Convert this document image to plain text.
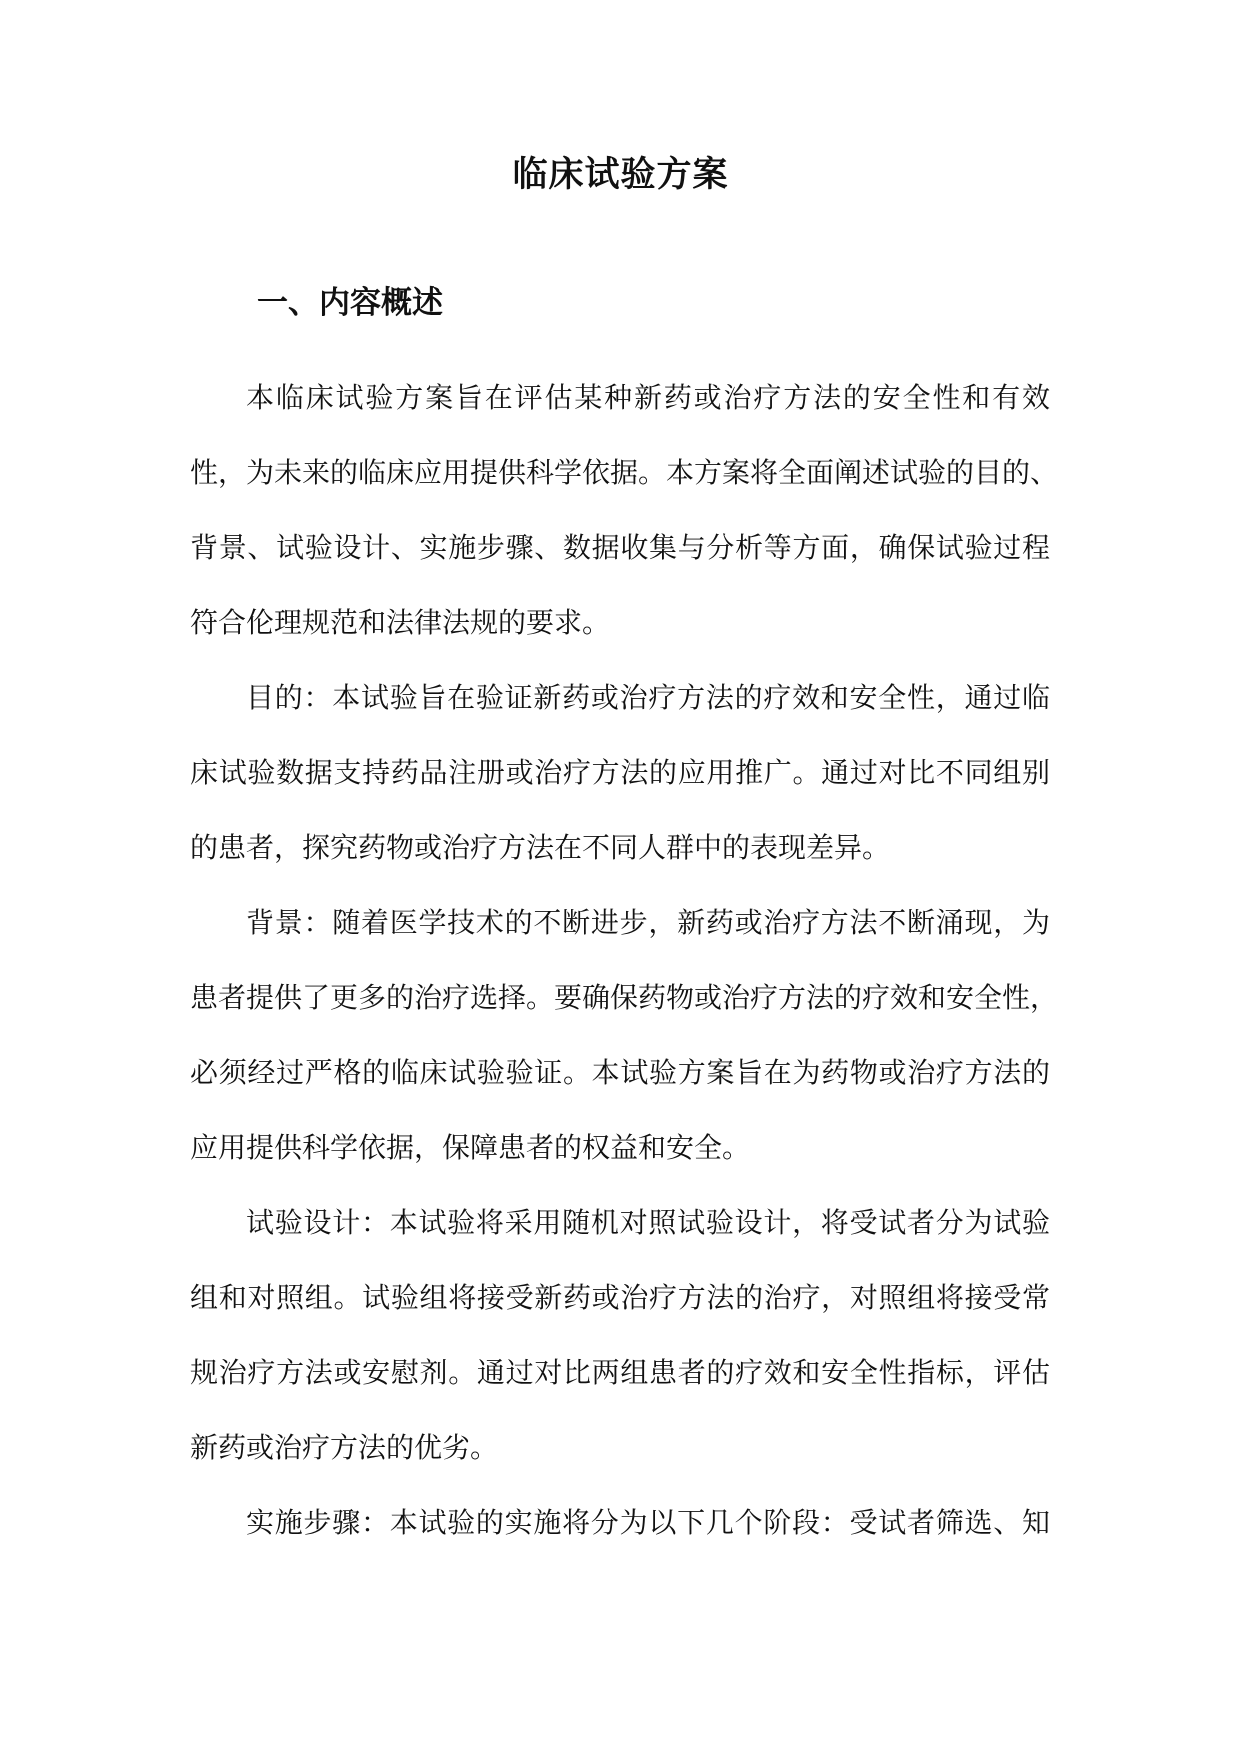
临床试验方案
一、内容概述

本临床试验方案旨在评估某种新药或治疗方法的安全性和有效
性，为未来的临床应用提供科学依据。本方案将全面阐述试验的目的、
背景、试验设计、实施步骤、数据收集与分析等方面，确保试验过程
符合伦理规范和法律法规的要求。

目的：本试验旨在验证新药或治疗方法的疗效和安全性，通过临
床试验数据支持药品注册或治疗方法的应用推广。通过对比不同组别
的患者，探究药物或治疗方法在不同人群中的表现差异。

背景：随着医学技术的不断进步，新药或治疗方法不断涌现，为
患者提供了更多的治疗选择。要确保药物或治疗方法的疗效和安全性，
必须经过严格的临床试验验证。本试验方案旨在为药物或治疗方法的
应用提供科学依据，保障患者的权益和安全。

试验设计：本试验将采用随机对照试验设计，将受试者分为试验
组和对照组。试验组将接受新药或治疗方法的治疗，对照组将接受常
规治疗方法或安慰剂。通过对比两组患者的疗效和安全性指标，评估
新药或治疗方法的优劣。

实施步骤：本试验的实施将分为以下几个阶段：受试者筛选、知
